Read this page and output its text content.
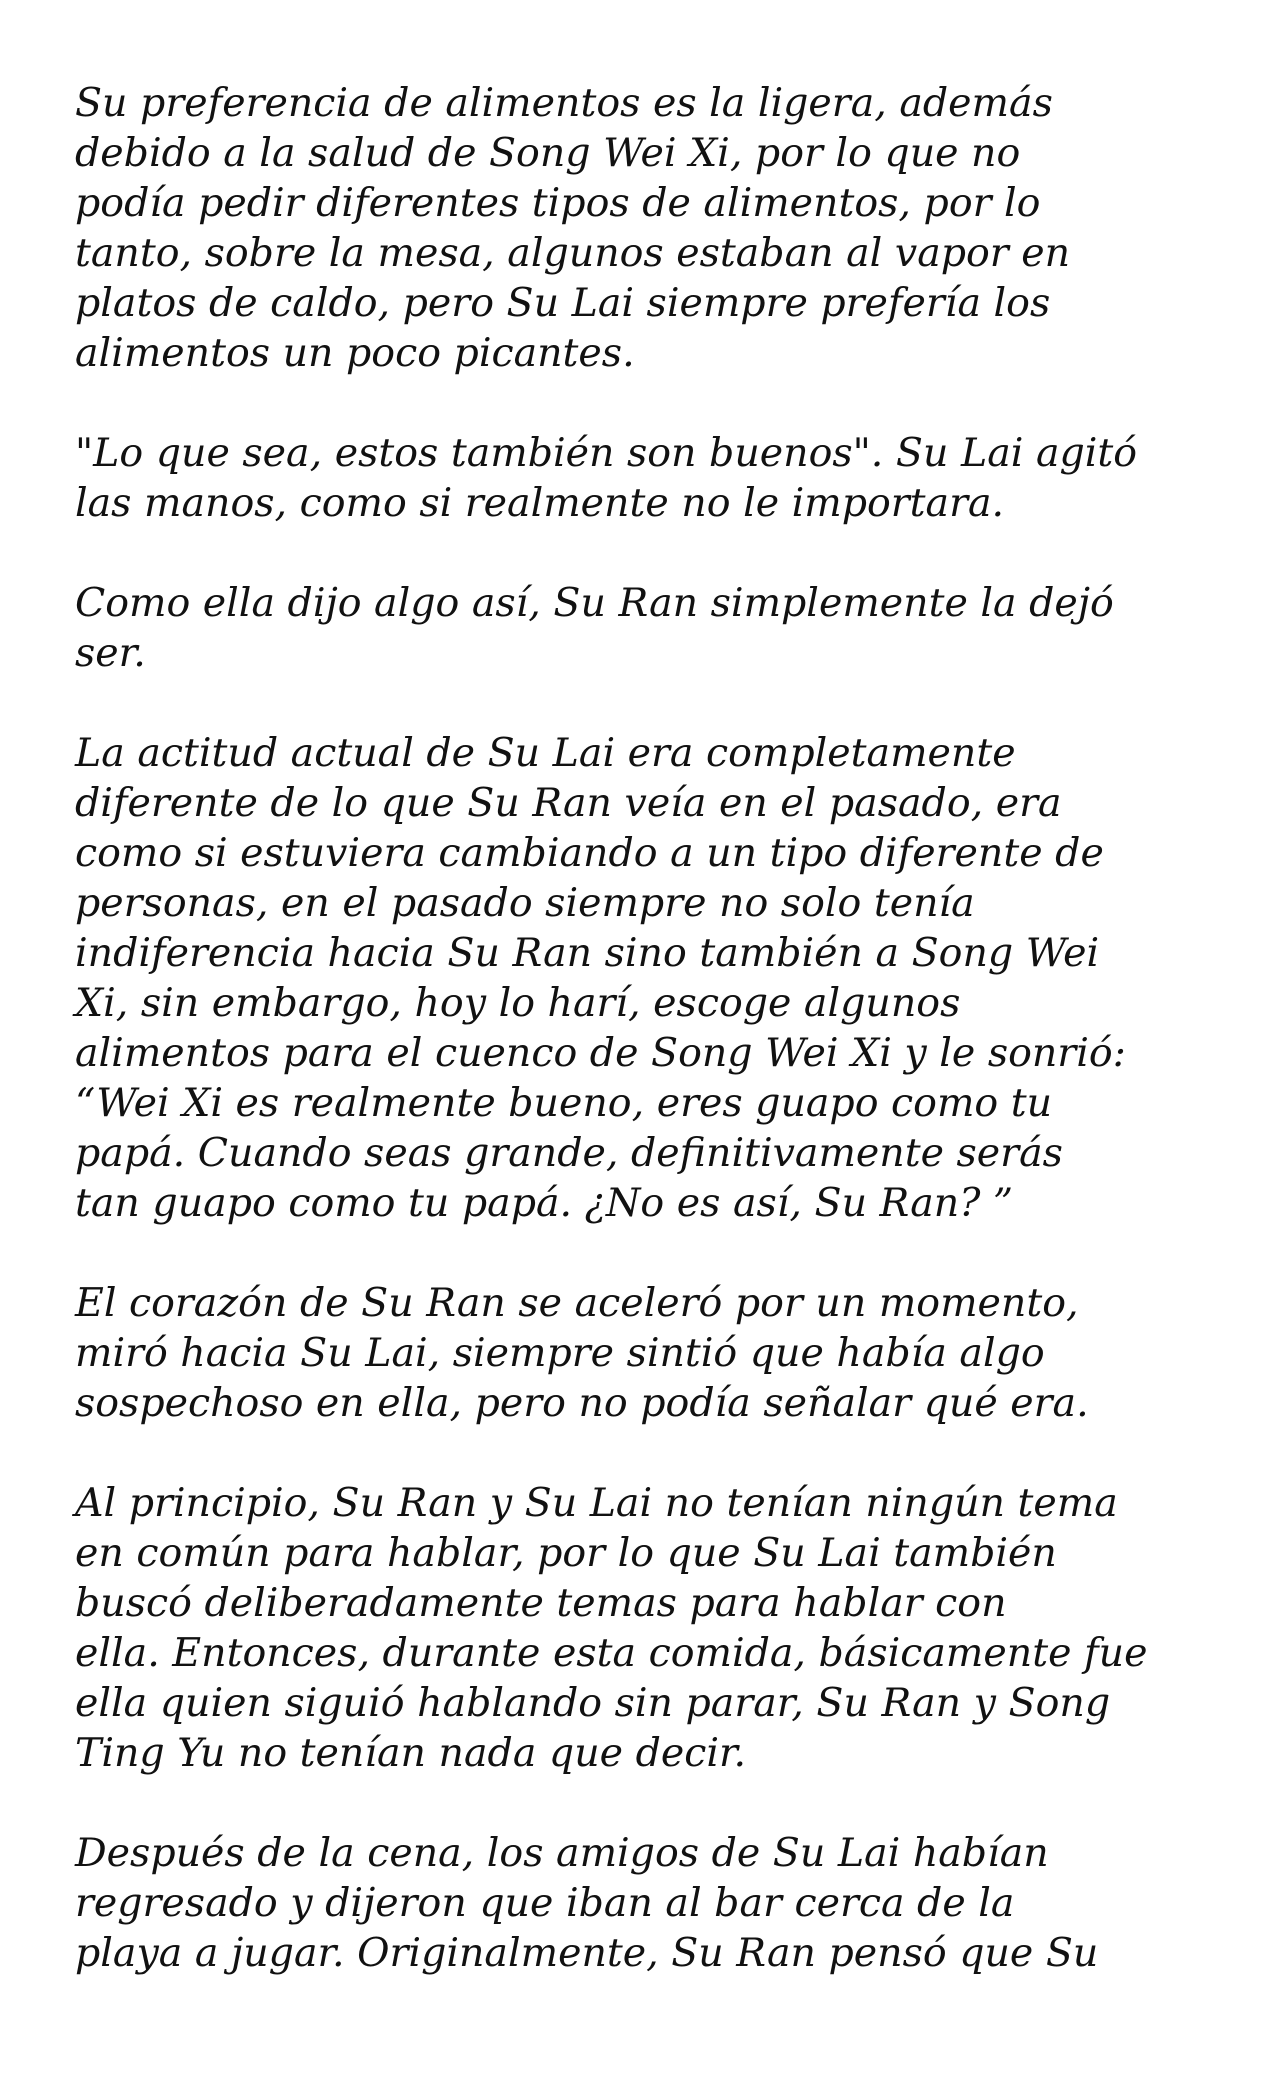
Su preferencia de alimentos es la ligera, además
debido a la salud de Song Wei Xi, por lo que no
podía pedir diferentes tipos de alimentos, por lo
tanto, sobre la mesa, algunos estaban al vapor en
platos de caldo, pero Su Lai siempre prefería los
alimentos un poco picantes.

"Lo que sea, estos también son buenos". Su Lai agitó
las manos, como si realmente no le importara.

Como ella dijo algo así, Su Ran simplemente la dejó
ser.

La actitud actual de Su Lai era completamente
diferente de lo que Su Ran veía en el pasado, era
como si estuviera cambiando a un tipo diferente de
personas, en el pasado siempre no solo tenía
indiferencia hacia Su Ran sino también a Song Wei
Xi, sin embargo, hoy lo harí, escoge algunos
alimentos para el cuenco de Song Wei Xi y le sonrió:
“Wei Xi es realmente bueno, eres guapo como tu
papá. Cuando seas grande, definitivamente serás
tan guapo como tu papá. ¿No es así, Su Ran? ”

El corazón de Su Ran se aceleró por un momento,
miró hacia Su Lai, siempre sintió que había algo
sospechoso en ella, pero no podía señalar qué era.

Al principio, Su Ran y Su Lai no tenían ningún tema
en común para hablar, por lo que Su Lai también
buscó deliberadamente temas para hablar con
ella. Entonces, durante esta comida, básicamente fue
ella quien siguió hablando sin parar, Su Ran y Song
Ting Yu no tenían nada que decir.

Después de la cena, los amigos de Su Lai habían
regresado y dijeron que iban al bar cerca de la
playa a jugar. Originalmente, Su Ran pensó que Su
